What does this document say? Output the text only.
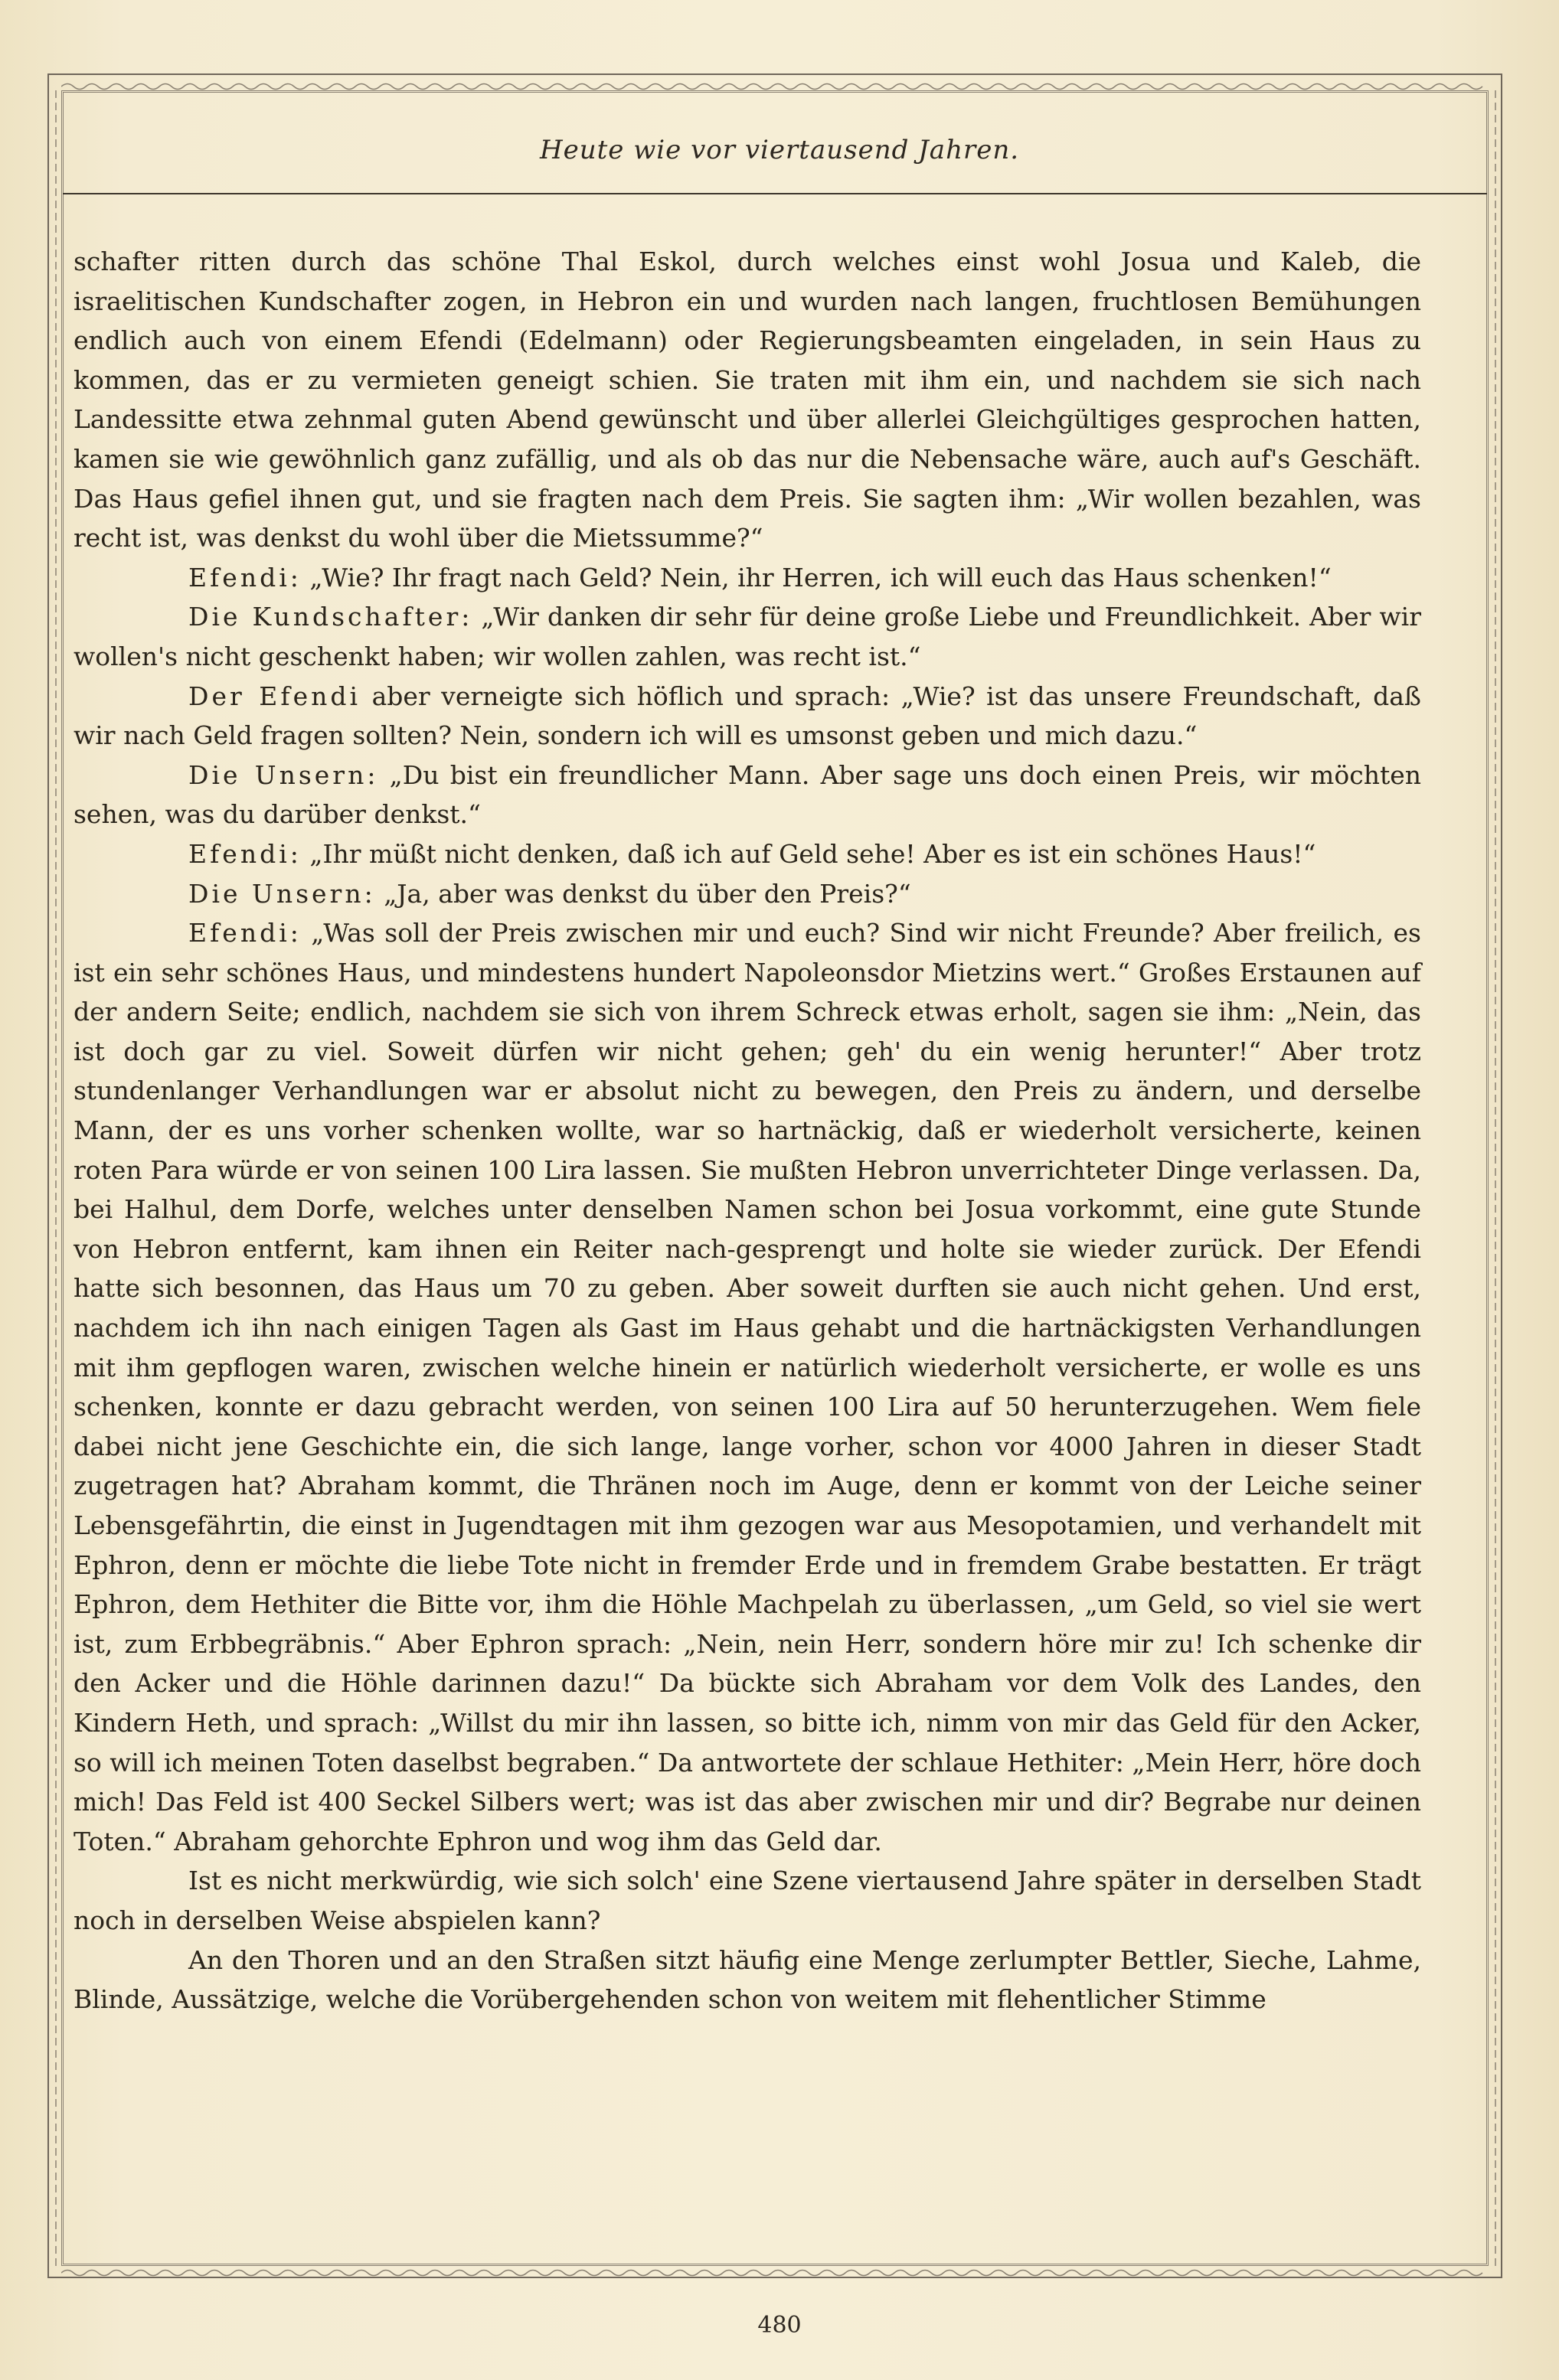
Heute wie vor viertausend Jahren.

schafter ritten durch das schöne Thal Eskol, durch welches einst wohl Josua und Kaleb, die israelitischen Kundschafter zogen, in Hebron ein und wurden nach langen, fruchtlosen Bemühungen endlich auch von einem Efendi (Edelmann) oder Regierungsbeamten eingeladen, in sein Haus zu kommen, das er zu vermieten geneigt schien. Sie traten mit ihm ein, und nachdem sie sich nach Landessitte etwa zehnmal guten Abend gewünscht und über allerlei Gleichgültiges gesprochen hatten, kamen sie wie gewöhnlich ganz zufällig, und als ob das nur die Nebensache wäre, auch auf's Geschäft. Das Haus gefiel ihnen gut, und sie fragten nach dem Preis. Sie sagten ihm: „Wir wollen bezahlen, was recht ist, was denkst du wohl über die Mietssumme?“

Efendi: „Wie? Ihr fragt nach Geld? Nein, ihr Herren, ich will euch das Haus schenken!“

Die Kundschafter: „Wir danken dir sehr für deine große Liebe und Freundlichkeit. Aber wir wollen's nicht geschenkt haben; wir wollen zahlen, was recht ist.“

Der Efendi aber verneigte sich höflich und sprach: „Wie? ist das unsere Freundschaft, daß wir nach Geld fragen sollten? Nein, sondern ich will es umsonst geben und mich dazu.“

Die Unsern: „Du bist ein freundlicher Mann. Aber sage uns doch einen Preis, wir möchten sehen, was du darüber denkst.“

Efendi: „Ihr müßt nicht denken, daß ich auf Geld sehe! Aber es ist ein schönes Haus!“

Die Unsern: „Ja, aber was denkst du über den Preis?“

Efendi: „Was soll der Preis zwischen mir und euch? Sind wir nicht Freunde? Aber freilich, es ist ein sehr schönes Haus, und mindestens hundert Napoleonsdor Mietzins wert.“ Großes Erstaunen auf der andern Seite; endlich, nachdem sie sich von ihrem Schreck etwas erholt, sagen sie ihm: „Nein, das ist doch gar zu viel. Soweit dürfen wir nicht gehen; geh' du ein wenig herunter!“ Aber trotz stundenlanger Verhandlungen war er absolut nicht zu bewegen, den Preis zu ändern, und derselbe Mann, der es uns vorher schenken wollte, war so hartnäckig, daß er wiederholt versicherte, keinen roten Para würde er von seinen 100 Lira lassen. Sie mußten Hebron unverrichteter Dinge verlassen. Da, bei Halhul, dem Dorfe, welches unter denselben Namen schon bei Josua vorkommt, eine gute Stunde von Hebron entfernt, kam ihnen ein Reiter nach-gesprengt und holte sie wieder zurück. Der Efendi hatte sich besonnen, das Haus um 70 zu geben. Aber soweit durften sie auch nicht gehen. Und erst, nachdem ich ihn nach einigen Tagen als Gast im Haus gehabt und die hartnäckigsten Verhandlungen mit ihm gepflogen waren, zwischen welche hinein er natürlich wiederholt versicherte, er wolle es uns schenken, konnte er dazu gebracht werden, von seinen 100 Lira auf 50 herunterzugehen. Wem fiele dabei nicht jene Geschichte ein, die sich lange, lange vorher, schon vor 4000 Jahren in dieser Stadt zugetragen hat? Abraham kommt, die Thränen noch im Auge, denn er kommt von der Leiche seiner Lebensgefährtin, die einst in Jugendtagen mit ihm gezogen war aus Mesopotamien, und verhandelt mit Ephron, denn er möchte die liebe Tote nicht in fremder Erde und in fremdem Grabe bestatten. Er trägt Ephron, dem Hethiter die Bitte vor, ihm die Höhle Machpelah zu überlassen, „um Geld, so viel sie wert ist, zum Erbbegräbnis.“ Aber Ephron sprach: „Nein, nein Herr, sondern höre mir zu! Ich schenke dir den Acker und die Höhle darinnen dazu!“ Da bückte sich Abraham vor dem Volk des Landes, den Kindern Heth, und sprach: „Willst du mir ihn lassen, so bitte ich, nimm von mir das Geld für den Acker, so will ich meinen Toten daselbst begraben.“ Da antwortete der schlaue Hethiter: „Mein Herr, höre doch mich! Das Feld ist 400 Seckel Silbers wert; was ist das aber zwischen mir und dir? Begrabe nur deinen Toten.“ Abraham gehorchte Ephron und wog ihm das Geld dar.

Ist es nicht merkwürdig, wie sich solch' eine Szene viertausend Jahre später in derselben Stadt noch in derselben Weise abspielen kann?

An den Thoren und an den Straßen sitzt häufig eine Menge zerlumpter Bettler, Sieche, Lahme, Blinde, Aussätzige, welche die Vorübergehenden schon von weitem mit flehentlicher Stimme

480
